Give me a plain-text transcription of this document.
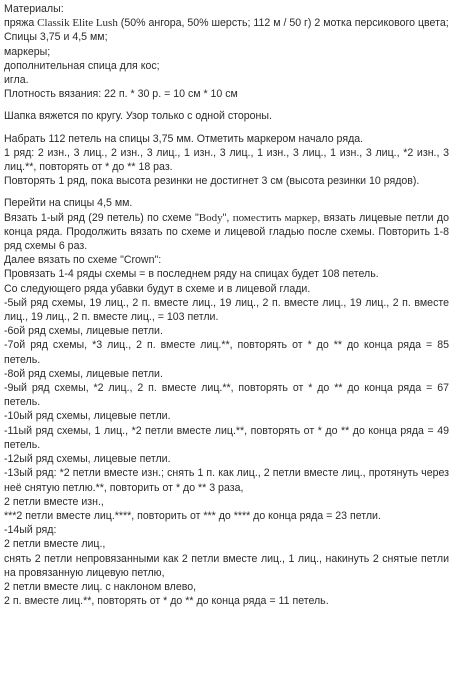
Материалы:
пряжа Classik Elite Lush (50% ангора, 50% шерсть; 112 м / 50 г) 2 мотка персикового цвета;
Спицы 3,75 и 4,5 мм;
маркеры;
дополнительная спица для кос;
игла.
Плотность вязания: 22 п. * 30 р. = 10 см * 10 см
Шапка вяжется по кругу. Узор только с одной стороны.
Набрать 112 петель на спицы 3,75 мм. Отметить маркером начало ряда.
1 ряд: 2 изн., 3 лиц., 2 изн., 3 лиц., 1 изн., 3 лиц., 1 изн., 3 лиц., 1 изн., 3 лиц., *2 изн., 3 лиц.**, повторять от * до ** 18 раз.
Повторять 1 ряд, пока высота резинки не достигнет 3 см (высота резинки 10 рядов).
Перейти на спицы 4,5 мм.
Вязать 1-ый ряд (29 петель) по схеме "Body", поместить маркер, вязать лицевые петли до конца ряда. Продолжить вязать по схеме и лицевой гладью после схемы. Повторить 1-8 ряд схемы 6 раз.
Далее вязать по схеме "Crown":
Провязать 1-4 ряды схемы = в последнем ряду на спицах будет 108 петель.
Со следующего ряда убавки будут в схеме и в лицевой глади.
-5ый ряд схемы, 19 лиц., 2 п. вместе лиц., 19 лиц., 2 п. вместе лиц., 19 лиц., 2 п. вместе лиц., 19 лиц., 2 п. вместе лиц., = 103 петли.
-6ой ряд схемы, лицевые петли.
-7ой ряд схемы, *3 лиц., 2 п. вместе лиц.**, повторять от * до ** до конца ряда = 85 петель.
-8ой ряд схемы, лицевые петли.
-9ый ряд схемы, *2 лиц., 2 п. вместе лиц.**, повторять от * до ** до конца ряда = 67 петель.
-10ый ряд схемы, лицевые петли.
-11ый ряд схемы, 1 лиц., *2 петли вместе лиц.**, повторять от * до ** до конца ряда = 49 петель.
-12ый ряд схемы, лицевые петли.
-13ый ряд: *2 петли вместе изн.; снять 1 п. как лиц., 2 петли вместе лиц., протянуть через неё снятую петлю.**, повторить от * до ** 3 раза,
2 петли вместе изн.,
***2 петли вместе лиц.****, повторить от *** до **** до конца ряда = 23 петли.
-14ый ряд:
2 петли вместе лиц.,
снять 2 петли непровязанными как 2 петли вместе лиц., 1 лиц., накинуть 2 снятые петли на провязанную лицевую петлю,
2 петли вместе лиц. с наклоном влево,
2 п. вместе лиц.**, повторять от * до ** до конца ряда = 11 петель.
